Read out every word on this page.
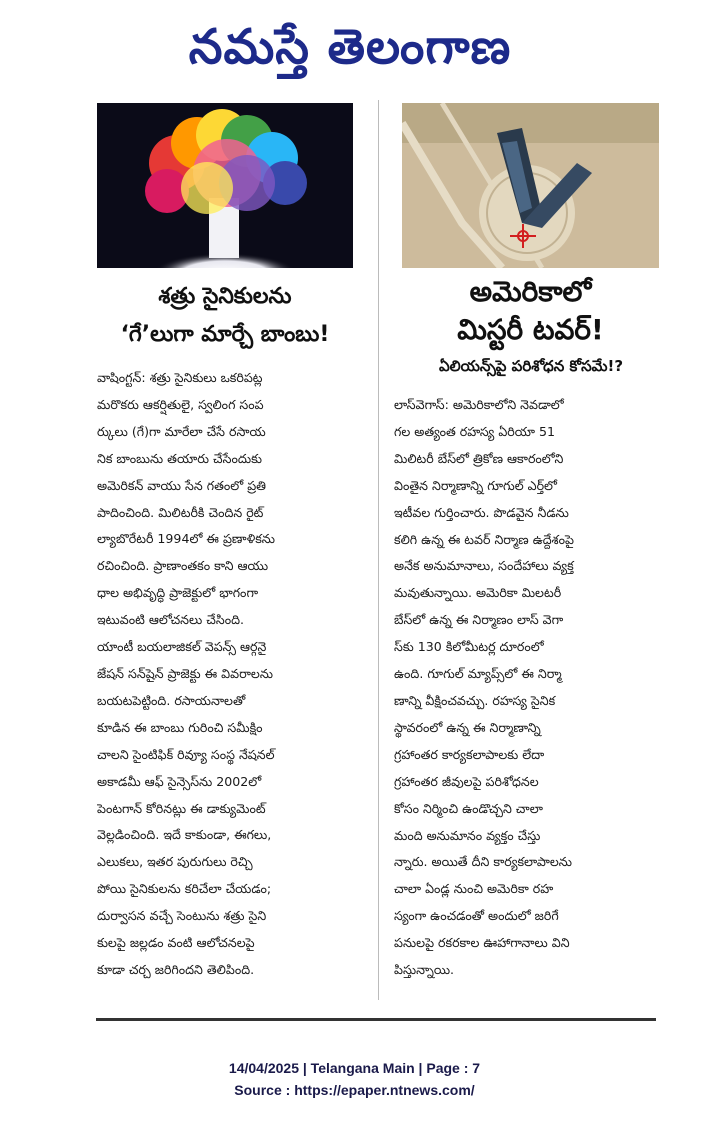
నమస్తే తెలంగాణ
శత్రు సైనికులను
‘గే’లుగా మార్చే బాంబు!
అమెరికాలో
మిస్టరీ టవర్!
ఏలియన్స్‌పై పరిశోధన కోసమే!?
వాషింగ్టన్: శత్రు సైనికులు ఒకరిపట్ల
మరొకరు ఆకర్షితులై, స్వలింగ సంప
ర్కులు (గే)గా మారేలా చేసే రసాయ
నిక బాంబును తయారు చేసేందుకు
అమెరికన్ వాయు సేన గతంలో ప్రతి
పాదించింది. మిలిటరీకి చెందిన రైట్
ల్యాబొరేటరీ 1994లో ఈ ప్రణాళికను
రచించింది. ప్రాణాంతకం కాని ఆయు
ధాల అభివృద్ధి ప్రాజెక్టులో భాగంగా
ఇటువంటి ఆలోచనలు చేసింది.
యాంటీ బయలాజికల్ వెపన్స్ ఆర్గనై
జేషన్ సన్‌షైన్ ప్రాజెక్టు ఈ వివరాలను
బయటపెట్టింది. రసాయనాలతో
కూడిన ఈ బాంబు గురించి సమీక్షిం
చాలని సైంటిఫిక్ రివ్యూ సంస్థ నేషనల్
అకాడమీ ఆఫ్ సైన్సెస్‌ను 2002లో
పెంటగాన్ కోరినట్లు ఈ డాక్యుమెంట్
వెల్లడించింది. ఇదే కాకుండా, ఈగలు,
ఎలుకలు, ఇతర పురుగులు రెచ్చి
పోయి సైనికులను కరిచేలా చేయడం;
దుర్వాసన వచ్చే సెంటును శత్రు సైని
కులపై జల్లడం వంటి ఆలోచనలపై
కూడా చర్చ జరిగిందని తెలిపింది.
లాస్‌వెగాస్: అమెరికాలోని నెవడాలో
గల అత్యంత రహస్య ఏరియా 51
మిలిటరీ బేస్‌లో త్రికోణ ఆకారంలోని
వింతైన నిర్మాణాన్ని గూగుల్ ఎర్త్‌లో
ఇటీవల గుర్తించారు. పొడవైన నీడను
కలిగి ఉన్న ఈ టవర్ నిర్మాణ ఉద్దేశంపై
అనేక అనుమానాలు, సందేహాలు వ్యక్త
మవుతున్నాయి. అమెరికా మిలటరీ
బేస్‌లో ఉన్న ఈ నిర్మాణం లాస్ వెగా
స్‌కు 130 కిలోమీటర్ల దూరంలో
ఉంది. గూగుల్ మ్యాప్స్‌లో ఈ నిర్మా
ణాన్ని వీక్షించవచ్చు. రహస్య సైనిక
స్థావరంలో ఉన్న ఈ నిర్మాణాన్ని
గ్రహాంతర కార్యకలాపాలకు లేదా
గ్రహాంతర జీవులపై పరిశోధనల
కోసం నిర్మించి ఉండొచ్చని చాలా
మంది అనుమానం వ్యక్తం చేస్తు
న్నారు. అయితే దీని కార్యకలాపాలను
చాలా ఏండ్ల నుంచి అమెరికా రహ
స్యంగా ఉంచడంతో అందులో జరిగే
పనులపై రకరకాల ఊహాగానాలు విని
పిస్తున్నాయి.
14/04/2025 | Telangana Main | Page : 7
Source : https://epaper.ntnews.com/
